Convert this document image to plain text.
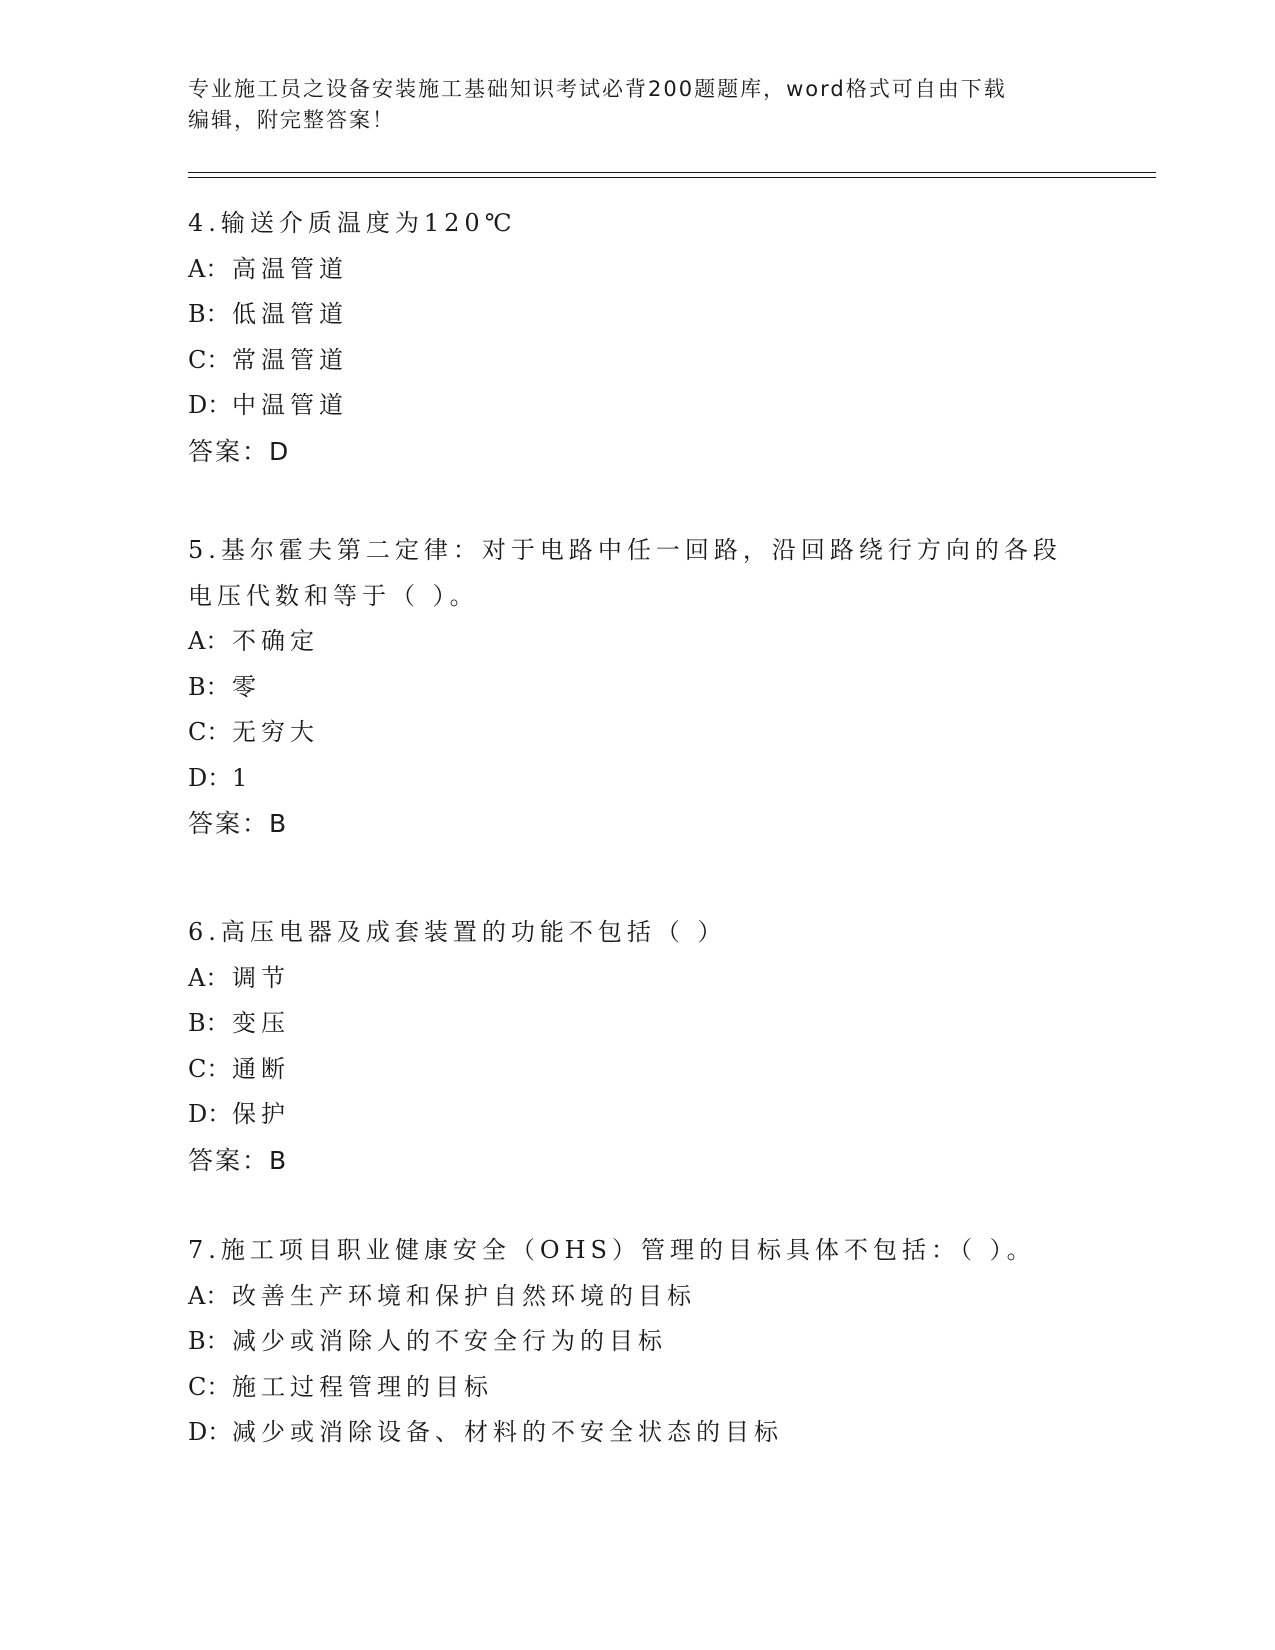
专业施工员之设备安装施工基础知识考试必背200题题库，word格式可自由下载
编辑，附完整答案！
4.输送介质温度为120℃
A： 高温管道
B：低温管道
C：常温管道
D：中温管道
答案：D
5.基尔霍夫第二定律：对于电路中任一回路，沿回路绕行方向的各段
电压代数和等于（ ）。
A： 不确定
B：零
C：无穷大
D：1
答案：B
6.高压电器及成套装置的功能不包括（ ）
A： 调节
B：变压
C：通断
D：保护
答案：B
7.施工项目职业健康安全（OHS）管理的目标具体不包括：（ ）。
A： 改善生产环境和保护自然环境的目标
B：减少或消除人的不安全行为的目标
C：施工过程管理的目标
D：减少或消除设备、材料的不安全状态的目标
